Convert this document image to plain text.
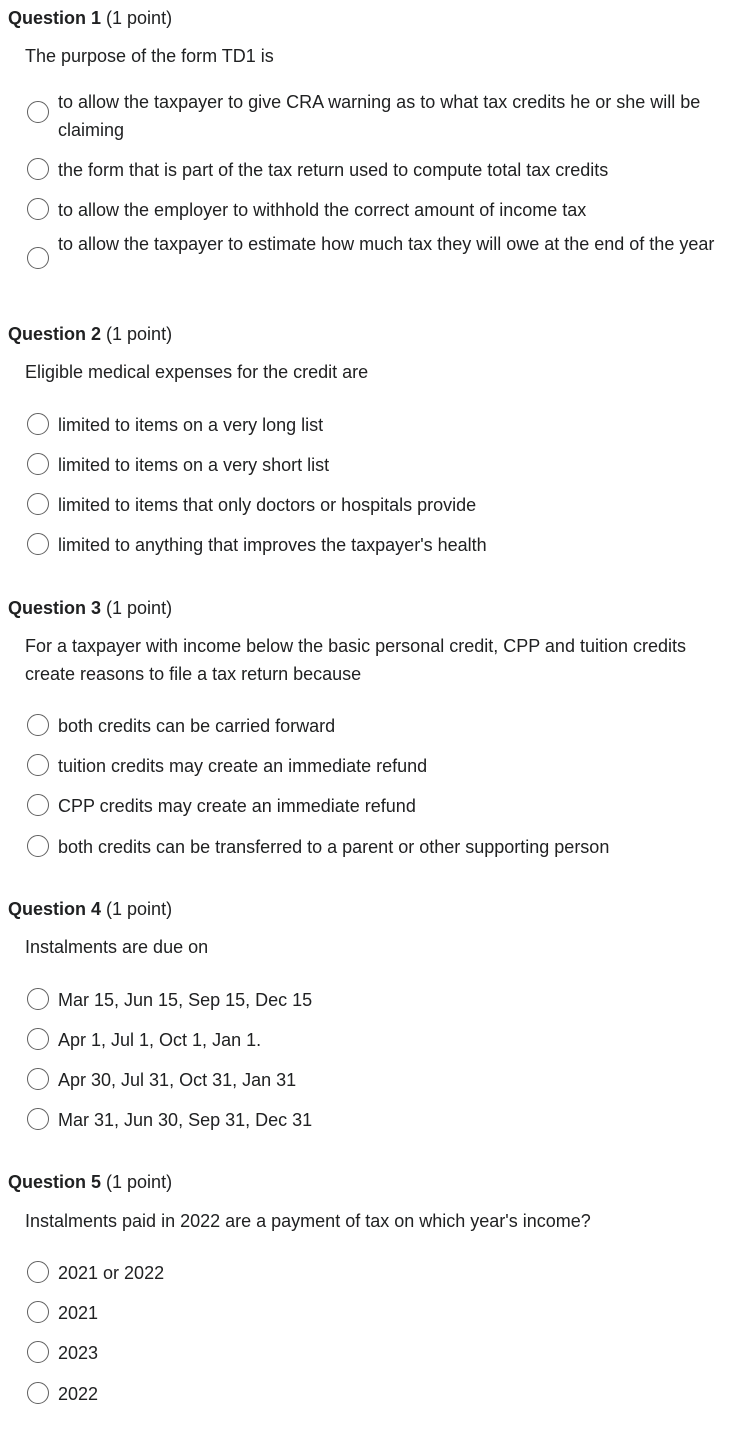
Question 1 (1 point)
The purpose of the form TD1 is
to allow the taxpayer to give CRA warning as to what tax credits he or she will be claiming
the form that is part of the tax return used to compute total tax credits
to allow the employer to withhold the correct amount of income tax
to allow the taxpayer to estimate how much tax they will owe at the end of the year
Question 2 (1 point)
Eligible medical expenses for the credit are
limited to items on a very long list
limited to items on a very short list
limited to items that only doctors or hospitals provide
limited to anything that improves the taxpayer's health
Question 3 (1 point)
For a taxpayer with income below the basic personal credit, CPP and tuition credits create reasons to file a tax return because
both credits can be carried forward
tuition credits may create an immediate refund
CPP credits may create an immediate refund
both credits can be transferred to a parent or other supporting person
Question 4 (1 point)
Instalments are due on
Mar 15, Jun 15, Sep 15, Dec 15
Apr 1, Jul 1, Oct 1, Jan 1.
Apr 30, Jul 31, Oct 31, Jan 31
Mar 31, Jun 30, Sep 31, Dec 31
Question 5 (1 point)
Instalments paid in 2022 are a payment of tax on which year's income?
2021 or 2022
2021
2023
2022
